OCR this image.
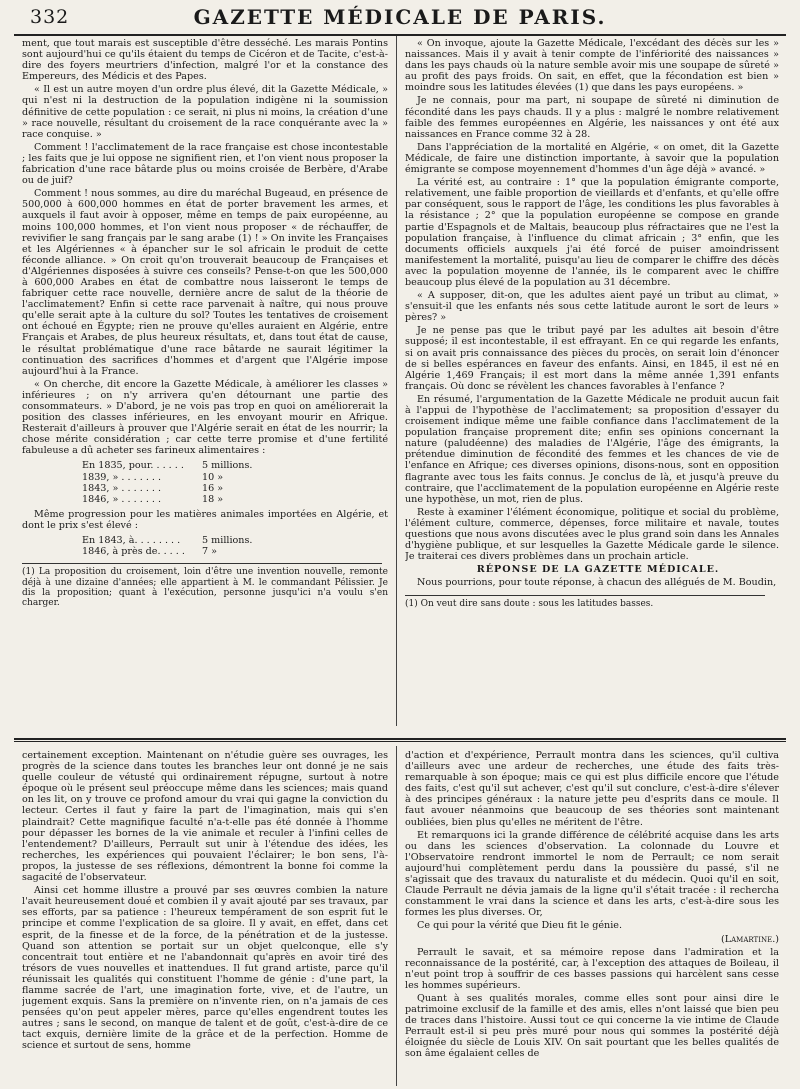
332	GAZETTE MÉDICALE DE PARIS.

ment, que tout marais est susceptible d'être desséché. Les marais Pontins sont aujourd'hui ce qu'ils étaient du temps de Cicéron et de Tacite, c'est-à-dire des foyers meurtriers d'infection, malgré l'or et la constance des Empereurs, des Médicis et des Papes.

« Il est un autre moyen d'un ordre plus élevé, dit la Gazette Médicale, » qui n'est ni la destruction de la population indigène ni la soumission définitive de cette population : ce serait, ni plus ni moins, la création d'une » race nouvelle, résultant du croisement de la race conquérante avec la » race conquise. »

Comment ! l'acclimatement de la race française est chose incontestable ; les faits que je lui oppose ne signifient rien, et l'on vient nous proposer la fabrication d'une race bâtarde plus ou moins croisée de Berbère, d'Arabe ou de juif?

Comment ! nous sommes, au dire du maréchal Bugeaud, en présence de 500,000 à 600,000 hommes en état de porter bravement les armes, et auxquels il faut avoir à opposer, même en temps de paix européenne, au moins 100,000 hommes, et l'on vient nous proposer « de réchauffer, de revivifier le sang français par le sang arabe (1) ! » On invite les Françaises et les Algériennes « à épancher sur le sol africain le produit de cette féconde alliance. » On croit qu'on trouverait beaucoup de Françaises et d'Algériennes disposées à suivre ces conseils? Pense-t-on que les 500,000 à 600,000 Arabes en état de combattre nous laisseront le temps de fabriquer cette race nouvelle, dernière ancre de salut de la théorie de l'acclimatement? Enfin si cette race parvenait à naître, qui nous prouve qu'elle serait apte à la culture du sol? Toutes les tentatives de croisement ont échoué en Égypte; rien ne prouve qu'elles auraient en Algérie, entre Français et Arabes, de plus heureux résultats, et, dans tout état de cause, le résultat problématique d'une race bâtarde ne saurait légitimer la continuation des sacrifices d'hommes et d'argent que l'Algérie impose aujourd'hui à la France.

« On cherche, dit encore la Gazette Médicale, à améliorer les classes » inférieures ; on n'y arrivera qu'en détournant une partie des consommateurs. » D'abord, je ne vois pas trop en quoi on améliorerait la position des classes inférieures, en les envoyant mourir en Afrique. Resterait d'ailleurs à prouver que l'Algérie serait en état de les nourrir; la chose mérite considération ; car cette terre promise et d'une fertilité fabuleuse a dû acheter ses farineux alimentaires :

En 1835, pour. . . . . .	5 millions.
1839, » . . . . . . .	10 »
1843, » . . . . . . .	16 »
1846, » . . . . . . .	18 »

Même progression pour les matières animales importées en Algérie, et dont le prix s'est élevé :

En 1843, à. . . . . . . .	5 millions.
1846, à près de. . . . .	7 »

(1) La proposition du croisement, loin d'être une invention nouvelle, remonte déjà à une dizaine d'années; elle appartient à M. le commandant Pélissier. Je dis la proposition; quant à l'exécution, personne jusqu'ici n'a voulu s'en charger.

« On invoque, ajoute la Gazette Médicale, l'excédant des décès sur les » naissances. Mais il y avait à tenir compte de l'infériorité des naissances » dans les pays chauds où la nature semble avoir mis une soupape de sûreté » au profit des pays froids. On sait, en effet, que la fécondation est bien » moindre sous les latitudes élevées (1) que dans les pays européens. »

Je ne connais, pour ma part, ni soupape de sûreté ni diminution de fécondité dans les pays chauds. Il y a plus : malgré le nombre relativement faible des femmes européennes en Algérie, les naissances y ont été aux naissances en France comme 32 à 28.

Dans l'appréciation de la mortalité en Algérie, « on omet, dit la Gazette Médicale, de faire une distinction importante, à savoir que la population émigrante se compose moyennement d'hommes d'un âge déjà » avancé. »

La vérité est, au contraire : 1° que la population émigrante comporte, relativement, une faible proportion de vieillards et d'enfants, et qu'elle offre par conséquent, sous le rapport de l'âge, les conditions les plus favorables à la résistance ; 2° que la population européenne se compose en grande partie d'Espagnols et de Maltais, beaucoup plus réfractaires que ne l'est la population française, à l'influence du climat africain ; 3° enfin, que les documents officiels auxquels j'ai été forcé de puiser amoindrissent manifestement la mortalité, puisqu'au lieu de comparer le chiffre des décès avec la population moyenne de l'année, ils le comparent avec le chiffre beaucoup plus élevé de la population au 31 décembre.

« A supposer, dit-on, que les adultes aient payé un tribut au climat, » s'ensuit-il que les enfants nés sous cette latitude auront le sort de leurs » pères? »

Je ne pense pas que le tribut payé par les adultes ait besoin d'être supposé; il est incontestable, il est effrayant. En ce qui regarde les enfants, si on avait pris connaissance des pièces du procès, on serait loin d'énoncer de si belles espérances en faveur des enfants. Ainsi, en 1845, il est né en Algérie 1,469 Français; il est mort dans la même année 1,391 enfants français. Où donc se révèlent les chances favorables à l'enfance ?

En résumé, l'argumentation de la Gazette Médicale ne produit aucun fait à l'appui de l'hypothèse de l'acclimatement; sa proposition d'essayer du croisement indique même une faible confiance dans l'acclimatement de la population française proprement dite; enfin ses opinions concernant la nature (paludéenne) des maladies de l'Algérie, l'âge des émigrants, la prétendue diminution de fécondité des femmes et les chances de vie de l'enfance en Afrique; ces diverses opinions, disons-nous, sont en opposition flagrante avec tous les faits connus. Je conclus de là, et jusqu'à preuve du contraire, que l'acclimatement de la population européenne en Algérie reste une hypothèse, un mot, rien de plus.

Reste à examiner l'élément économique, politique et social du problème, l'élément culture, commerce, dépenses, force militaire et navale, toutes questions que nous avons discutées avec le plus grand soin dans les Annales d'hygiène publique, et sur lesquelles la Gazette Médicale garde le silence. Je traiterai ces divers problèmes dans un prochain article.

RÉPONSE DE LA GAZETTE MÉDICALE.

Nous pourrions, pour toute réponse, à chacun des allégués de M. Boudin,

(1) On veut dire sans doute : sous les latitudes basses.

certainement exception. Maintenant on n'étudie guère ses ouvrages, les progrès de la science dans toutes les branches leur ont donné je ne sais quelle couleur de vétusté qui ordinairement répugne, surtout à notre époque où le présent seul préoccupe même dans les sciences; mais quand on les lit, on y trouve ce profond amour du vrai qui gagne la conviction du lecteur. Certes il faut y faire la part de l'imagination, mais qui s'en plaindrait? Cette magnifique faculté n'a-t-elle pas été donnée à l'homme pour dépasser les bornes de la vie animale et reculer à l'infini celles de l'entendement? D'ailleurs, Perrault sut unir à l'étendue des idées, les recherches, les expériences qui pouvaient l'éclairer; le bon sens, l'à-propos, la justesse de ses réflexions, démontrent la bonne foi comme la sagacité de l'observateur.

Ainsi cet homme illustre a prouvé par ses œuvres combien la nature l'avait heureusement doué et combien il y avait ajouté par ses travaux, par ses efforts, par sa patience : l'heureux tempérament de son esprit fut le principe et comme l'explication de sa gloire. Il y avait, en effet, dans cet esprit, de la finesse et de la force, de la pénétration et de la justesse. Quand son attention se portait sur un objet quelconque, elle s'y concentrait tout entière et ne l'abandonnait qu'après en avoir tiré des trésors de vues nouvelles et inattendues. Il fut grand artiste, parce qu'il réunissait les qualités qui constituent l'homme de génie : d'une part, la flamme sacrée de l'art, une imagination forte, vive, et de l'autre, un jugement exquis. Sans la première on n'invente rien, on n'a jamais de ces pensées qu'on peut appeler mères, parce qu'elles engendrent toutes les autres ; sans le second, on manque de talent et de goût, c'est-à-dire de ce tact exquis, dernière limite de la grâce et de la perfection. Homme de science et surtout de sens, homme

d'action et d'expérience, Perrault montra dans les sciences, qu'il cultiva d'ailleurs avec une ardeur de recherches, une étude des faits très-remarquable à son époque; mais ce qui est plus difficile encore que l'étude des faits, c'est qu'il sut achever, c'est qu'il sut conclure, c'est-à-dire s'élever à des principes généraux : la nature jette peu d'esprits dans ce moule. Il faut avouer néanmoins que beaucoup de ses théories sont maintenant oubliées, bien plus qu'elles ne méritent de l'être.

Et remarquons ici la grande différence de célébrité acquise dans les arts ou dans les sciences d'observation. La colonnade du Louvre et l'Observatoire rendront immortel le nom de Perrault; ce nom serait aujourd'hui complètement perdu dans la poussière du passé, s'il ne s'agissait que des travaux du naturaliste et du médecin. Quoi qu'il en soit, Claude Perrault ne dévia jamais de la ligne qu'il s'était tracée : il rechercha constamment le vrai dans la science et dans les arts, c'est-à-dire sous les formes les plus diverses. Or,

Ce qui pour la vérité que Dieu fit le génie.

(Lamartine.)

Perrault le savait, et sa mémoire repose dans l'admiration et la reconnaissance de la postérité, car, à l'exception des attaques de Boileau, il n'eut point trop à souffrir de ces basses passions qui harcèlent sans cesse les hommes supérieurs.

Quant à ses qualités morales, comme elles sont pour ainsi dire le patrimoine exclusif de la famille et des amis, elles n'ont laissé que bien peu de traces dans l'histoire. Aussi tout ce qui concerne la vie intime de Claude Perrault est-il si peu près muré pour nous qui sommes la postérité déjà éloignée du siècle de Louis XIV. On sait pourtant que les belles qualités de son âme égalaient celles de
